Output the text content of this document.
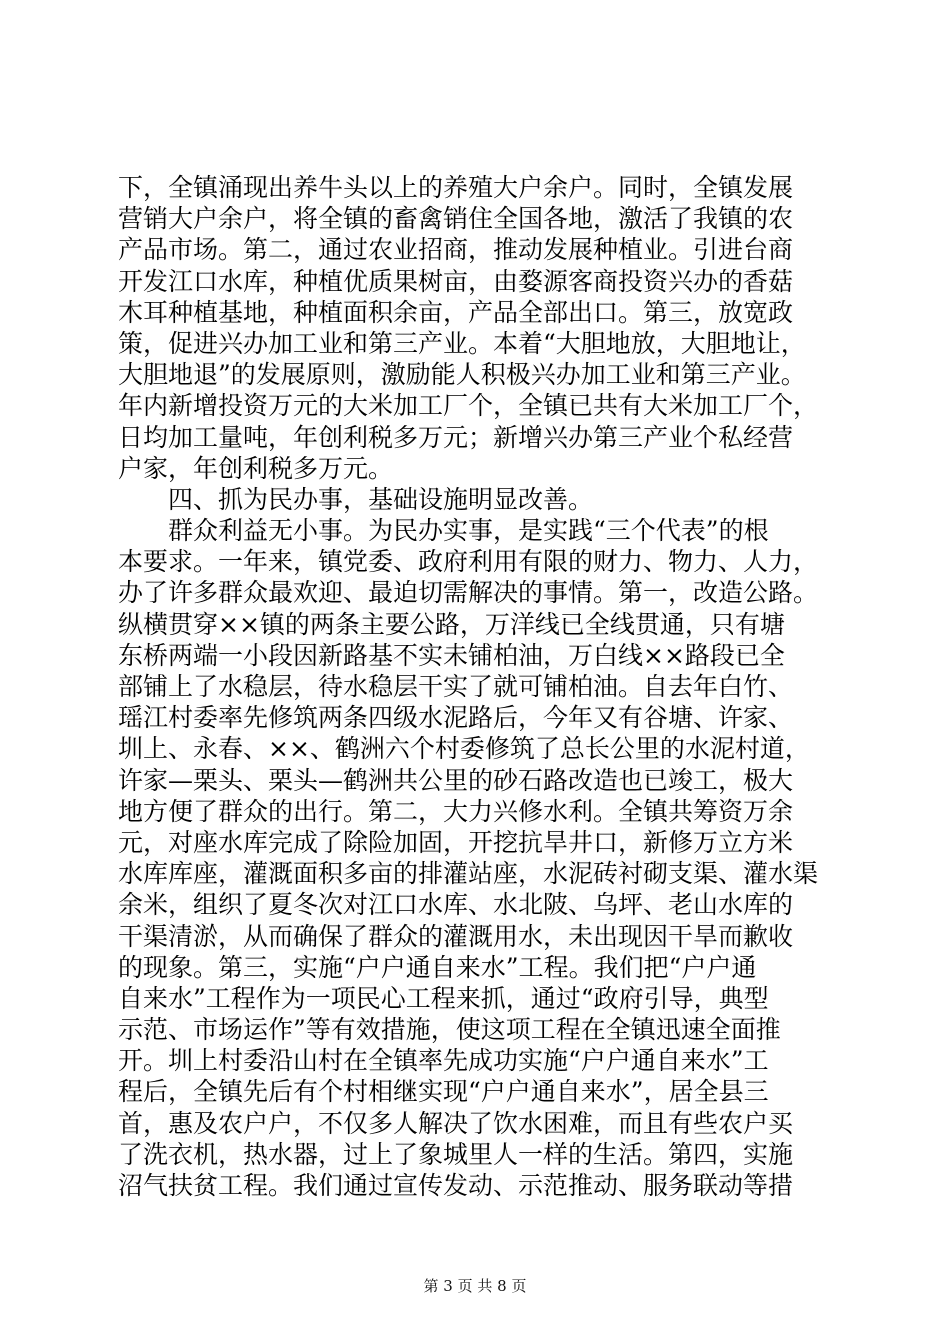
下，全镇涌现出养牛头以上的养殖大户余户。同时，全镇发展
营销大户余户，将全镇的畜禽销住全国各地，激活了我镇的农
产品市场。第二，通过农业招商，推动发展种植业。引进台商
开发江口水库，种植优质果树亩，由婺源客商投资兴办的香菇
木耳种植基地，种植面积余亩，产品全部出口。第三，放宽政
策，促进兴办加工业和第三产业。本着“大胆地放，大胆地让，
大胆地退”的发展原则，激励能人积极兴办加工业和第三产业。
年内新增投资万元的大米加工厂个，全镇已共有大米加工厂个，
日均加工量吨，年创利税多万元；新增兴办第三产业个私经营
户家，年创利税多万元。
　　四、抓为民办事，基础设施明显改善。
　　群众利益无小事。为民办实事，是实践“三个代表”的根
本要求。一年来，镇党委、政府利用有限的财力、物力、人力，
办了许多群众最欢迎、最迫切需解决的事情。第一，改造公路。
纵横贯穿××镇的两条主要公路，万洋线已全线贯通，只有塘
东桥两端一小段因新路基不实未铺柏油，万白线××路段已全
部铺上了水稳层，待水稳层干实了就可铺柏油。自去年白竹、
瑶江村委率先修筑两条四级水泥路后，今年又有谷塘、许家、
圳上、永春、××、鹤洲六个村委修筑了总长公里的水泥村道，
许家—栗头、栗头—鹤洲共公里的砂石路改造也已竣工，极大
地方便了群众的出行。第二，大力兴修水利。全镇共筹资万余
元，对座水库完成了除险加固，开挖抗旱井口，新修万立方米
水库库座，灌溉面积多亩的排灌站座，水泥砖衬砌支渠、灌水渠
余米，组织了夏冬次对江口水库、水北陂、乌坪、老山水库的
干渠清淤，从而确保了群众的灌溉用水，未出现因干旱而歉收
的现象。第三，实施“户户通自来水”工程。我们把“户户通
自来水”工程作为一项民心工程来抓，通过“政府引导，典型
示范、市场运作”等有效措施，使这项工程在全镇迅速全面推
开。圳上村委沿山村在全镇率先成功实施“户户通自来水”工
程后，全镇先后有个村相继实现“户户通自来水”，居全县三
首，惠及农户户，不仅多人解决了饮水困难，而且有些农户买
了洗衣机，热水器，过上了象城里人一样的生活。第四，实施
沼气扶贫工程。我们通过宣传发动、示范推动、服务联动等措
第 3 页 共 8 页
